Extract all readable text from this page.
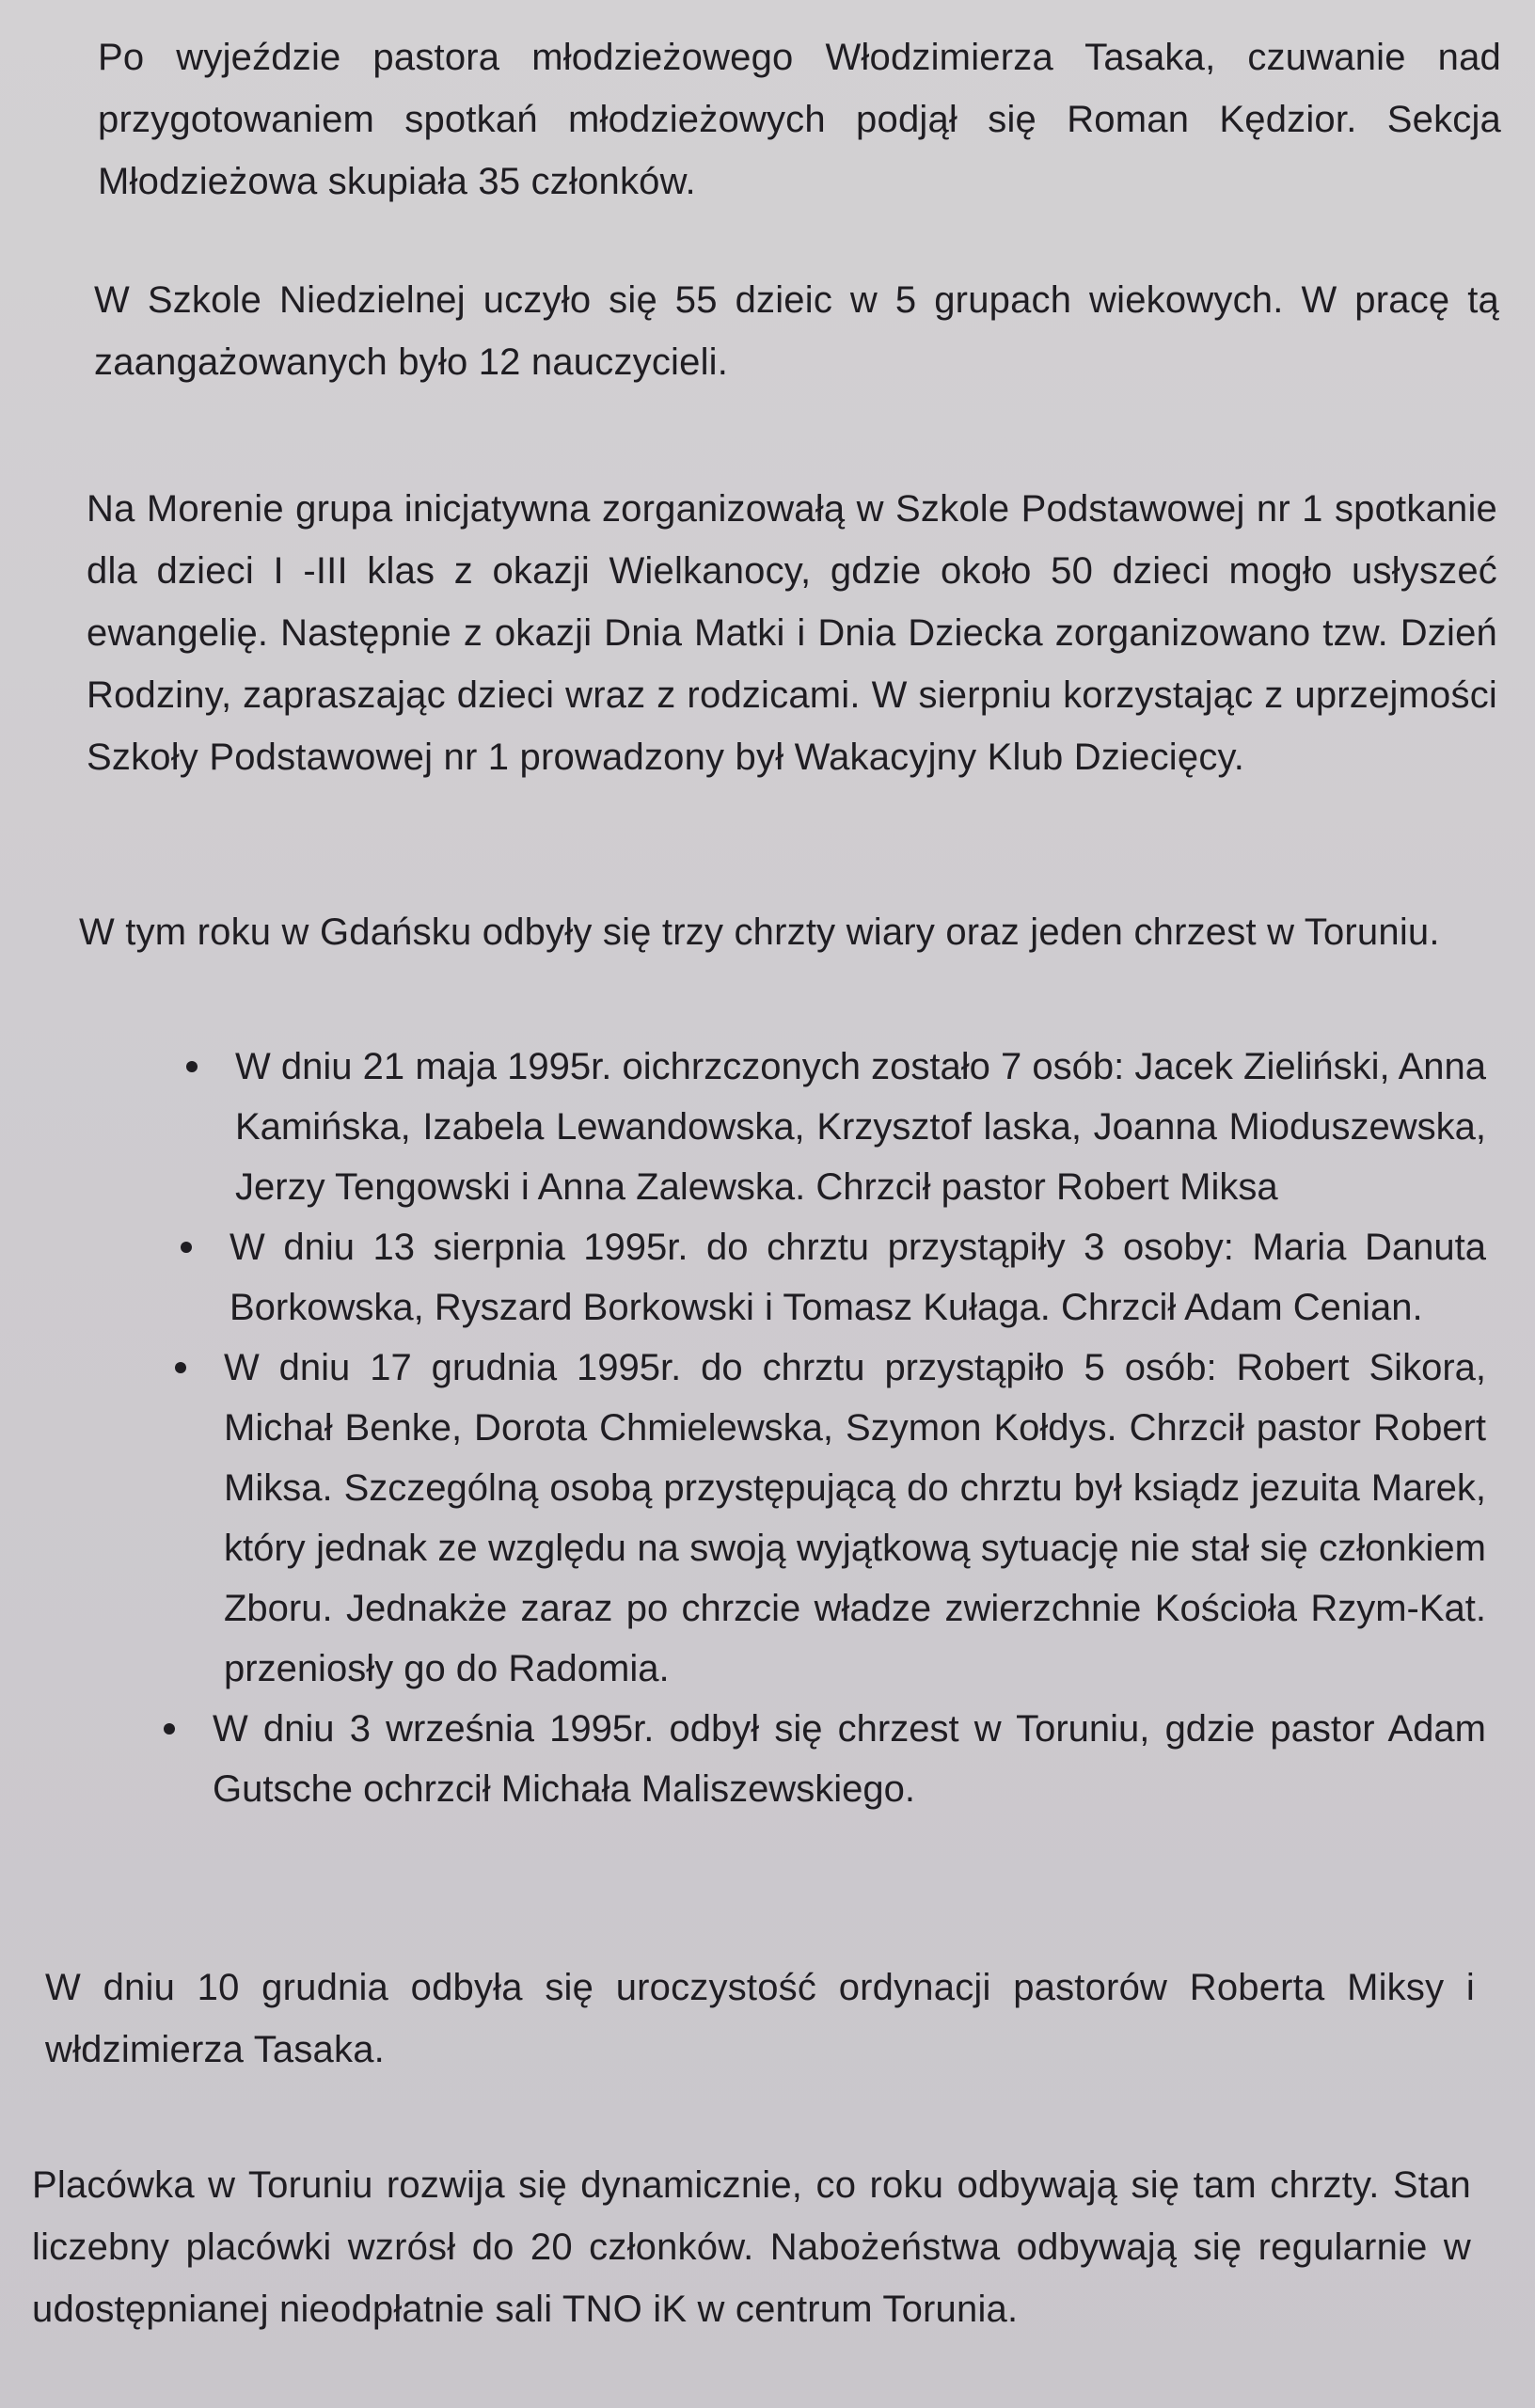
Po wyjeździe pastora młodzieżowego Włodzimierza Tasaka, czuwanie nad przygotowaniem spotkań młodzieżowych podjął się Roman Kędzior. Sekcja Młodzieżowa skupiała 35 członków.

W Szkole Niedzielnej uczyło się 55 dzieic w 5 grupach wiekowych. W pracę tą zaangażowanych było 12 nauczycieli.

Na Morenie grupa inicjatywna zorganizowałą w Szkole Podstawowej nr 1 spotkanie dla dzieci I -III klas z okazji Wielkanocy, gdzie około 50 dzieci mogło usłyszeć ewangelię. Następnie z okazji Dnia Matki i Dnia Dziecka zorganizowano tzw. Dzień Rodziny, zapraszając dzieci wraz z rodzicami. W sierpniu korzystając z uprzejmości Szkoły Podstawowej nr 1 prowadzony był Wakacyjny Klub Dziecięcy.

W tym roku w Gdańsku odbyły się trzy chrzty wiary oraz jeden chrzest w Toruniu.

W dniu 21 maja 1995r. oichrzczonych zostało 7 osób: Jacek Zieliński, Anna Kamińska, Izabela Lewandowska, Krzysztof laska, Joanna Mioduszewska, Jerzy Tengowski i Anna Zalewska. Chrzcił pastor Robert Miksa
W dniu 13 sierpnia 1995r. do chrztu przystąpiły 3 osoby: Maria Danuta Borkowska, Ryszard Borkowski i Tomasz Kułaga. Chrzcił Adam Cenian.
W dniu 17 grudnia 1995r. do chrztu przystąpiło 5 osób: Robert Sikora, Michał Benke, Dorota Chmielewska, Szymon Kołdys. Chrzcił pastor Robert Miksa. Szczególną osobą przystępującą do chrztu był ksiądz jezuita Marek, który jednak ze względu na swoją wyjątkową sytuację nie stał się członkiem Zboru. Jednakże zaraz po chrzcie władze zwierzchnie Kościoła Rzym-Kat. przeniosły go do Radomia.
W dniu 3 września 1995r. odbył się chrzest w Toruniu, gdzie pastor Adam Gutsche ochrzcił Michała Maliszewskiego.

W dniu 10 grudnia odbyła się uroczystość ordynacji pastorów Roberta Miksy i włdzimierza Tasaka.

Placówka w Toruniu rozwija się dynamicznie, co roku odbywają się tam chrzty. Stan liczebny placówki wzrósł do 20 członków. Nabożeństwa odbywają się regularnie w udostępnianej nieodpłatnie sali TNO iK w centrum Torunia.
